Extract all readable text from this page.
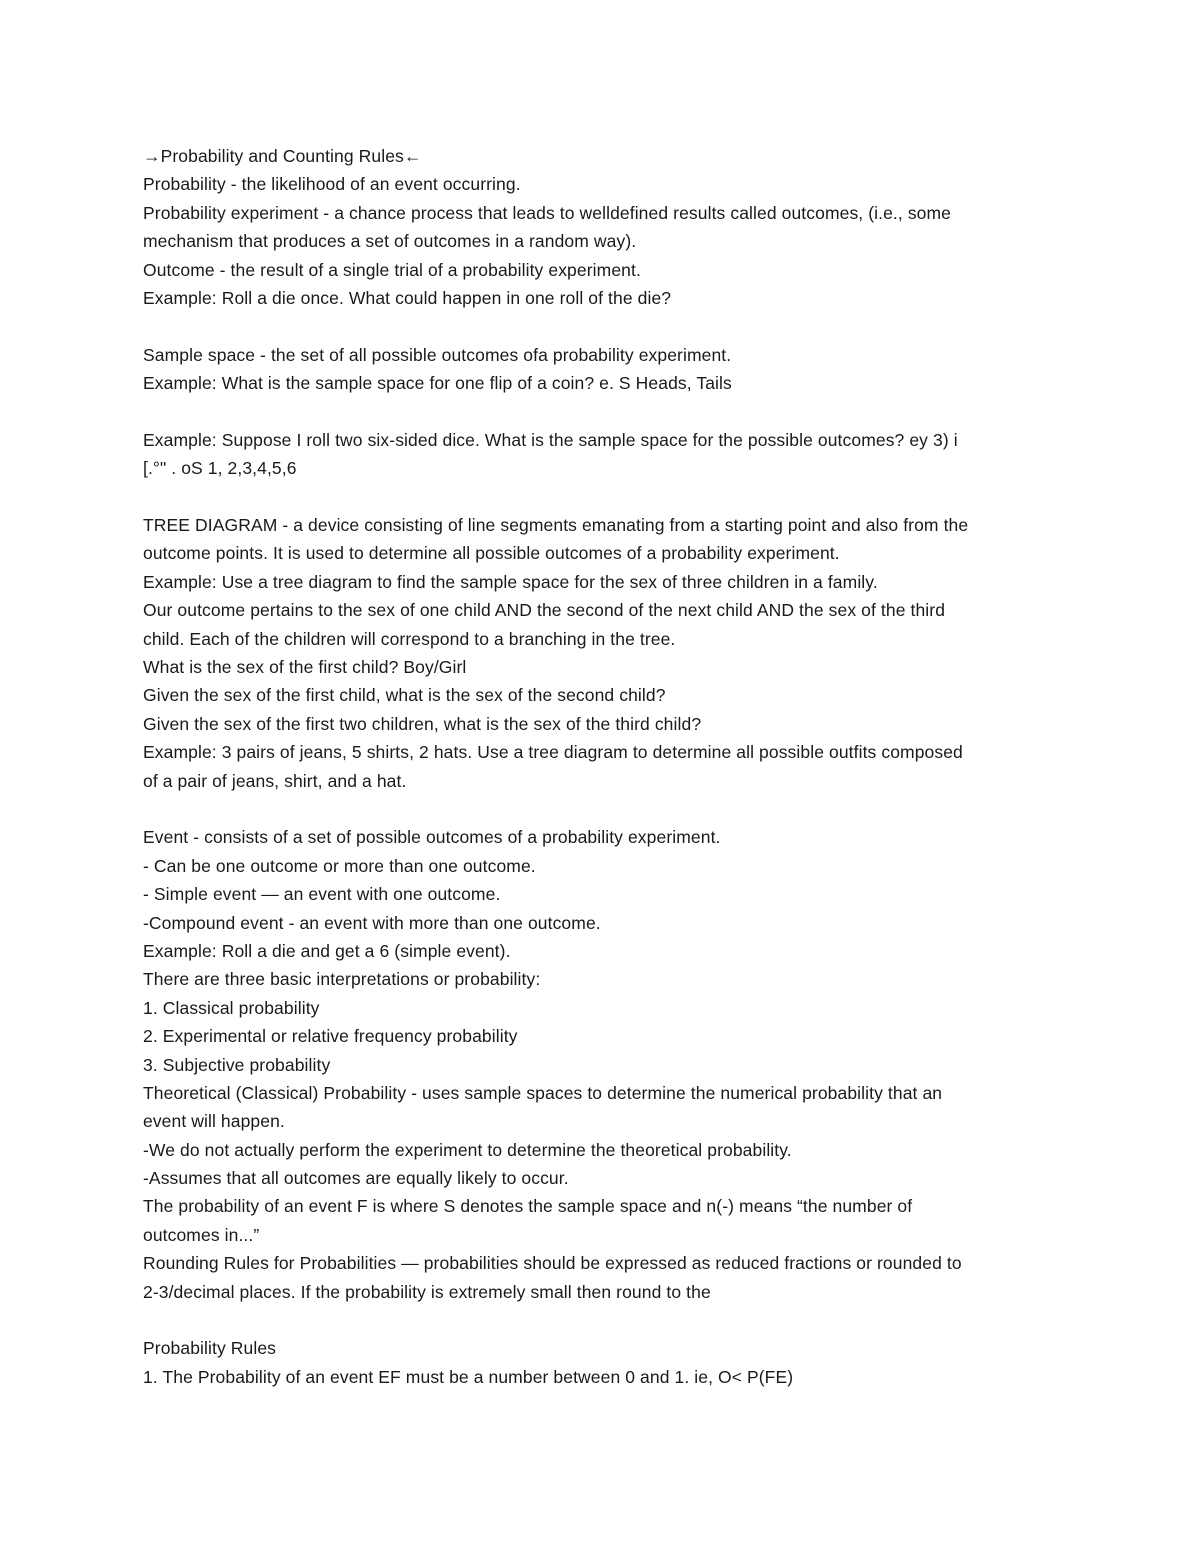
→Probability and Counting Rules←
Probability - the likelihood of an event occurring.
Probability experiment - a chance process that leads to welldefined results called outcomes, (i.e., some
mechanism that produces a set of outcomes in a random way).
Outcome - the result of a single trial of a probability experiment.
Example: Roll a die once. What could happen in one roll of the die?
Sample space - the set of all possible outcomes ofa probability experiment.
Example: What is the sample space for one flip of a coin? e. S Heads, Tails
Example: Suppose I roll two six-sided dice. What is the sample space for the possible outcomes? ey 3) i
[.°" . oS 1, 2,3,4,5,6
TREE DIAGRAM - a device consisting of line segments emanating from a starting point and also from the
outcome points. It is used to determine all possible outcomes of a probability experiment.
Example: Use a tree diagram to find the sample space for the sex of three children in a family.
Our outcome pertains to the sex of one child AND the second of the next child AND the sex of the third
child. Each of the children will correspond to a branching in the tree.
What is the sex of the first child? Boy/Girl
Given the sex of the first child, what is the sex of the second child?
Given the sex of the first two children, what is the sex of the third child?
Example: 3 pairs of jeans, 5 shirts, 2 hats. Use a tree diagram to determine all possible outfits composed
of a pair of jeans, shirt, and a hat.
Event - consists of a set of possible outcomes of a probability experiment.
- Can be one outcome or more than one outcome.
- Simple event — an event with one outcome.
-Compound event - an event with more than one outcome.
Example: Roll a die and get a 6 (simple event).
There are three basic interpretations or probability:
1. Classical probability
2. Experimental or relative frequency probability
3. Subjective probability
Theoretical (Classical) Probability - uses sample spaces to determine the numerical probability that an
event will happen.
-We do not actually perform the experiment to determine the theoretical probability.
-Assumes that all outcomes are equally likely to occur.
The probability of an event F is where S denotes the sample space and n(-) means “the number of
outcomes in...”
Rounding Rules for Probabilities — probabilities should be expressed as reduced fractions or rounded to
2-3/decimal places. If the probability is extremely small then round to the
Probability Rules
1. The Probability of an event EF must be a number between 0 and 1. ie, O< P(FE)
